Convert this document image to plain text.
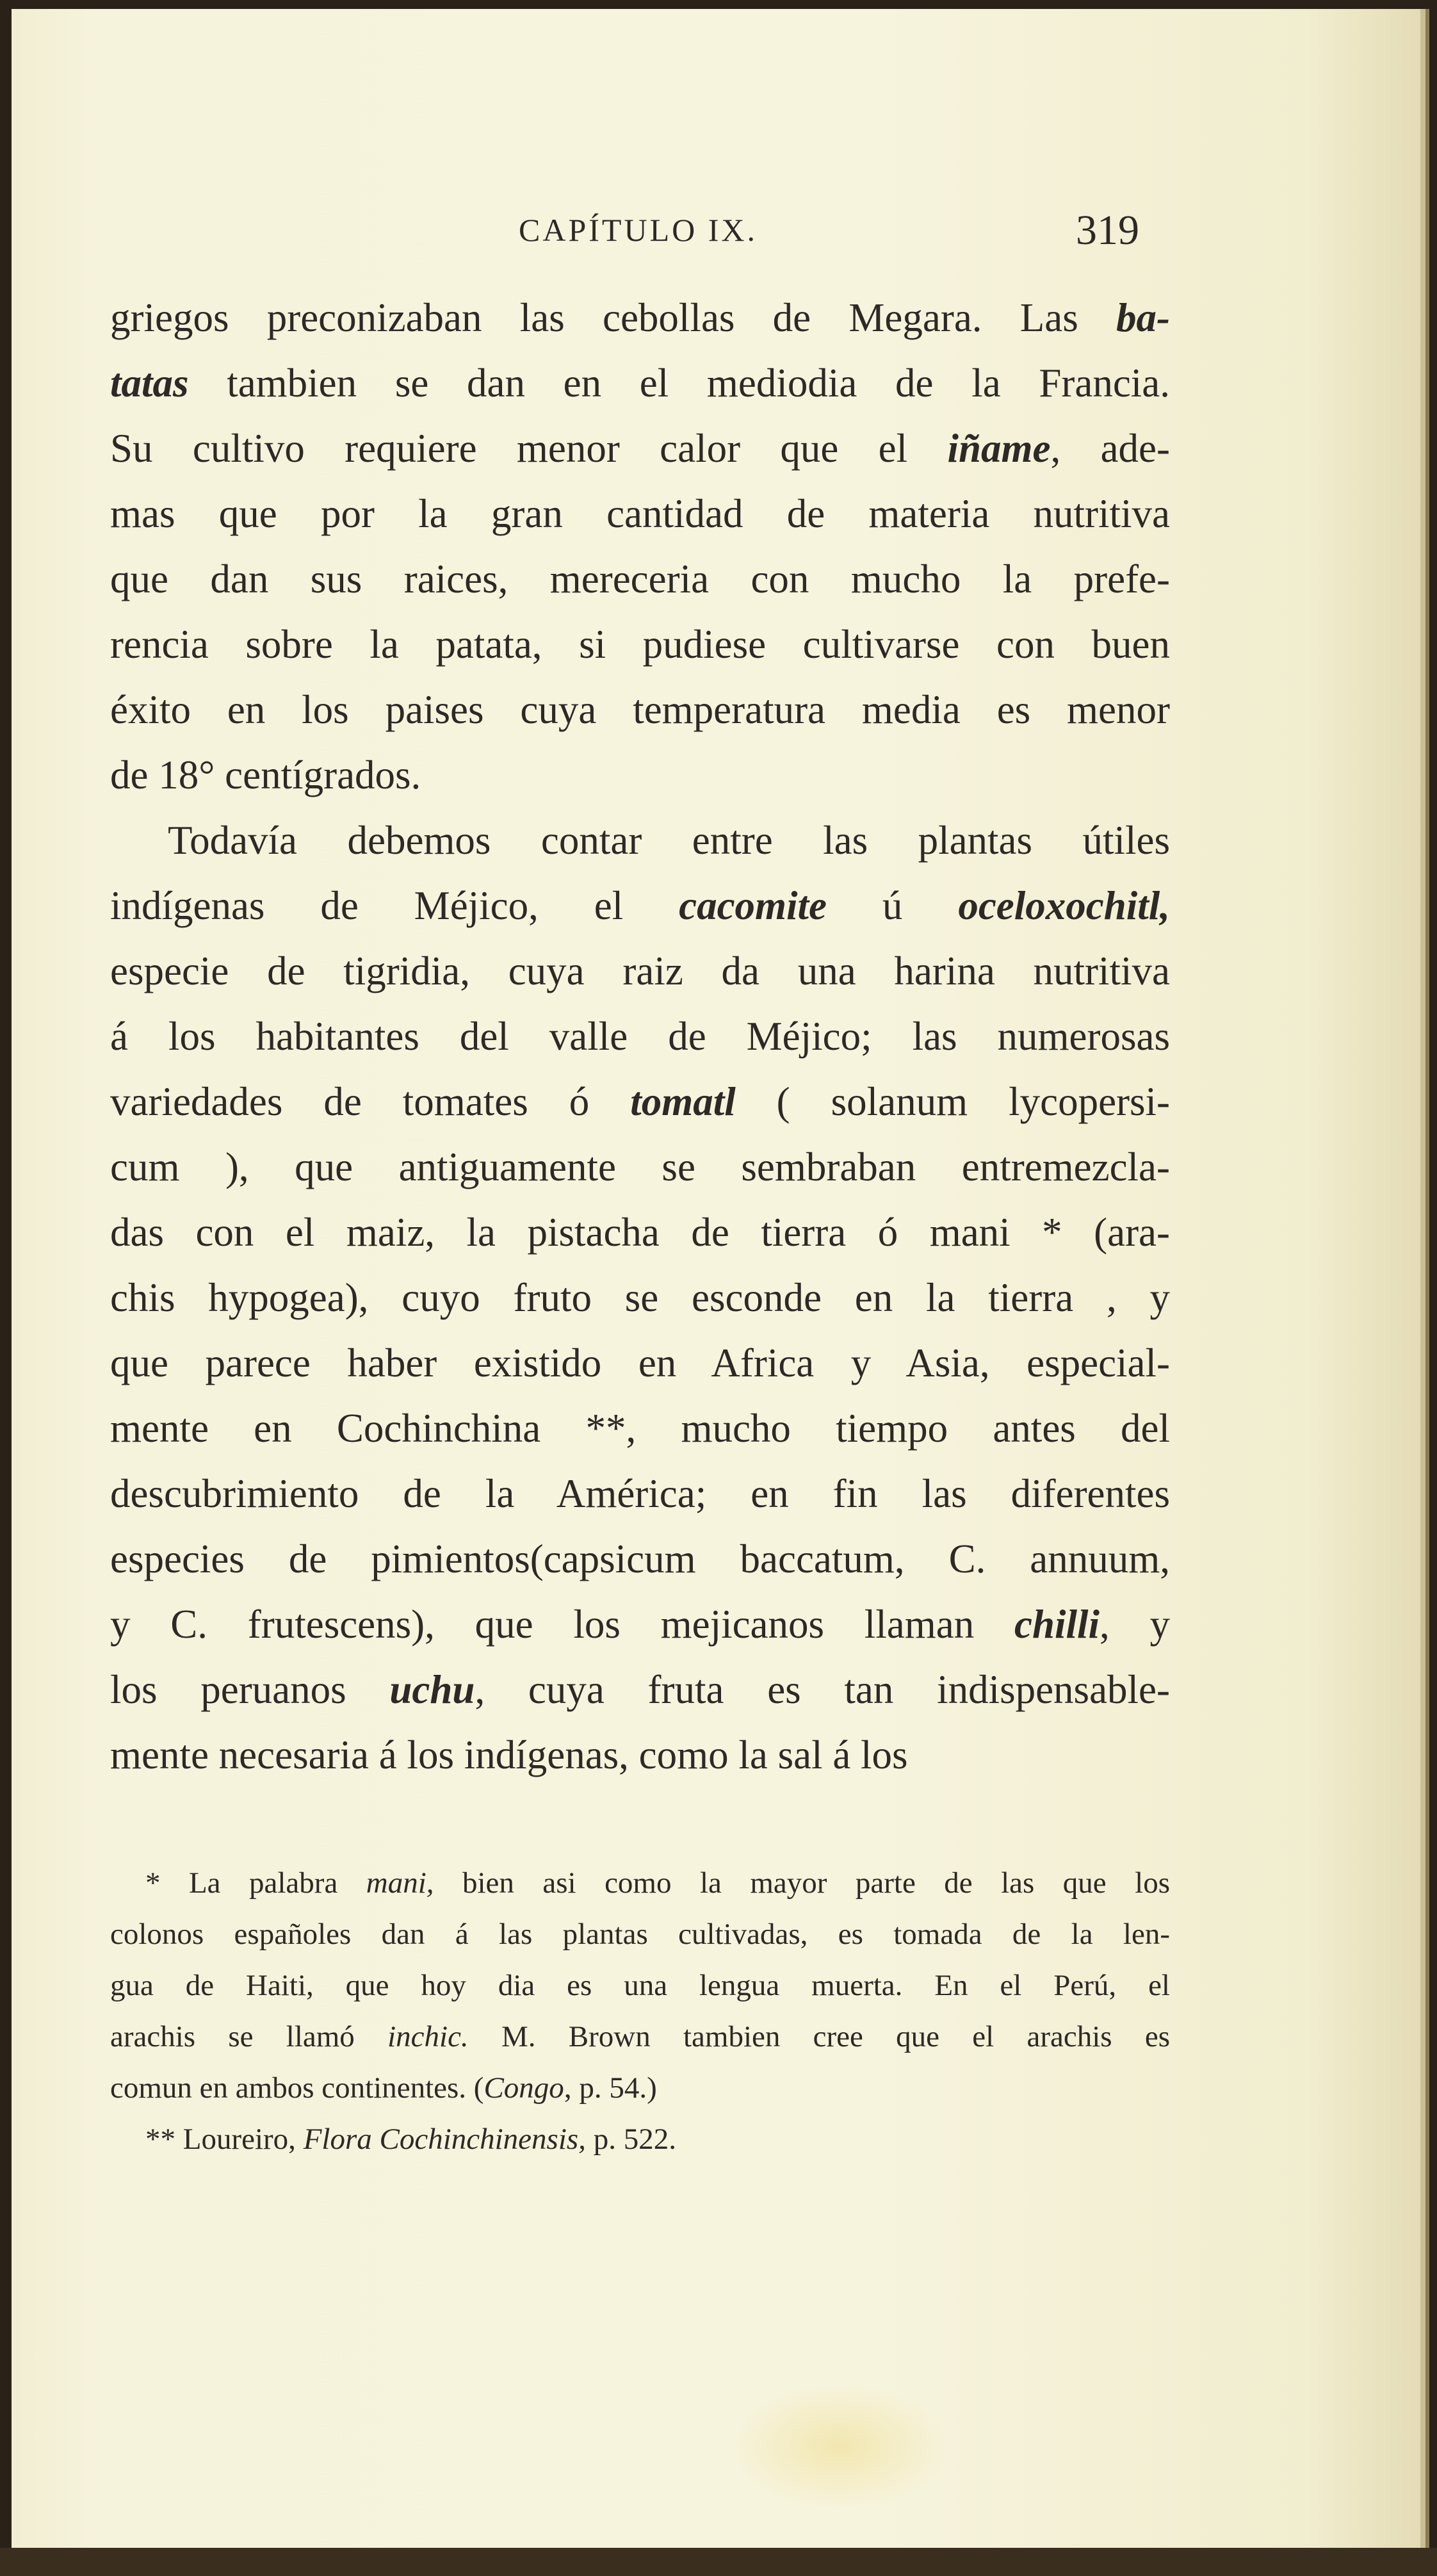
CAPÍTULO IX.	319
griegos preconizaban las cebollas de Megara. Las ba-
tatas tambien se dan en el mediodia de la Francia.
Su cultivo requiere menor calor que el iñame, ade-
mas que por la gran cantidad de materia nutritiva
que dan sus raices, mereceria con mucho la prefe-
rencia sobre la patata, si pudiese cultivarse con buen
éxito en los paises cuya temperatura media es menor
de 18° centígrados.
Todavía debemos contar entre las plantas útiles
indígenas de Méjico, el cacomite ú oceloxochitl,
especie de tigridia, cuya raiz da una harina nutritiva
á los habitantes del valle de Méjico; las numerosas
variedades de tomates ó tomatl ( solanum lycopersi-
cum ), que antiguamente se sembraban entremezcla-
das con el maiz, la pistacha de tierra ó mani * (ara-
chis hypogea), cuyo fruto se esconde en la tierra , y
que parece haber existido en Africa y Asia, especial-
mente en Cochinchina **, mucho tiempo antes del
descubrimiento de la América; en fin las diferentes
especies de pimientos(capsicum baccatum, C. annuum,
y C. frutescens), que los mejicanos llaman chilli, y
los peruanos uchu, cuya fruta es tan indispensable-
mente necesaria á los indígenas, como la sal á los
* La palabra mani, bien asi como la mayor parte de las que los
colonos españoles dan á las plantas cultivadas, es tomada de la len-
gua de Haiti, que hoy dia es una lengua muerta. En el Perú, el
arachis se llamó inchic. M. Brown tambien cree que el arachis es
comun en ambos continentes. (Congo, p. 54.)
** Loureiro, Flora Cochinchinensis, p. 522.
